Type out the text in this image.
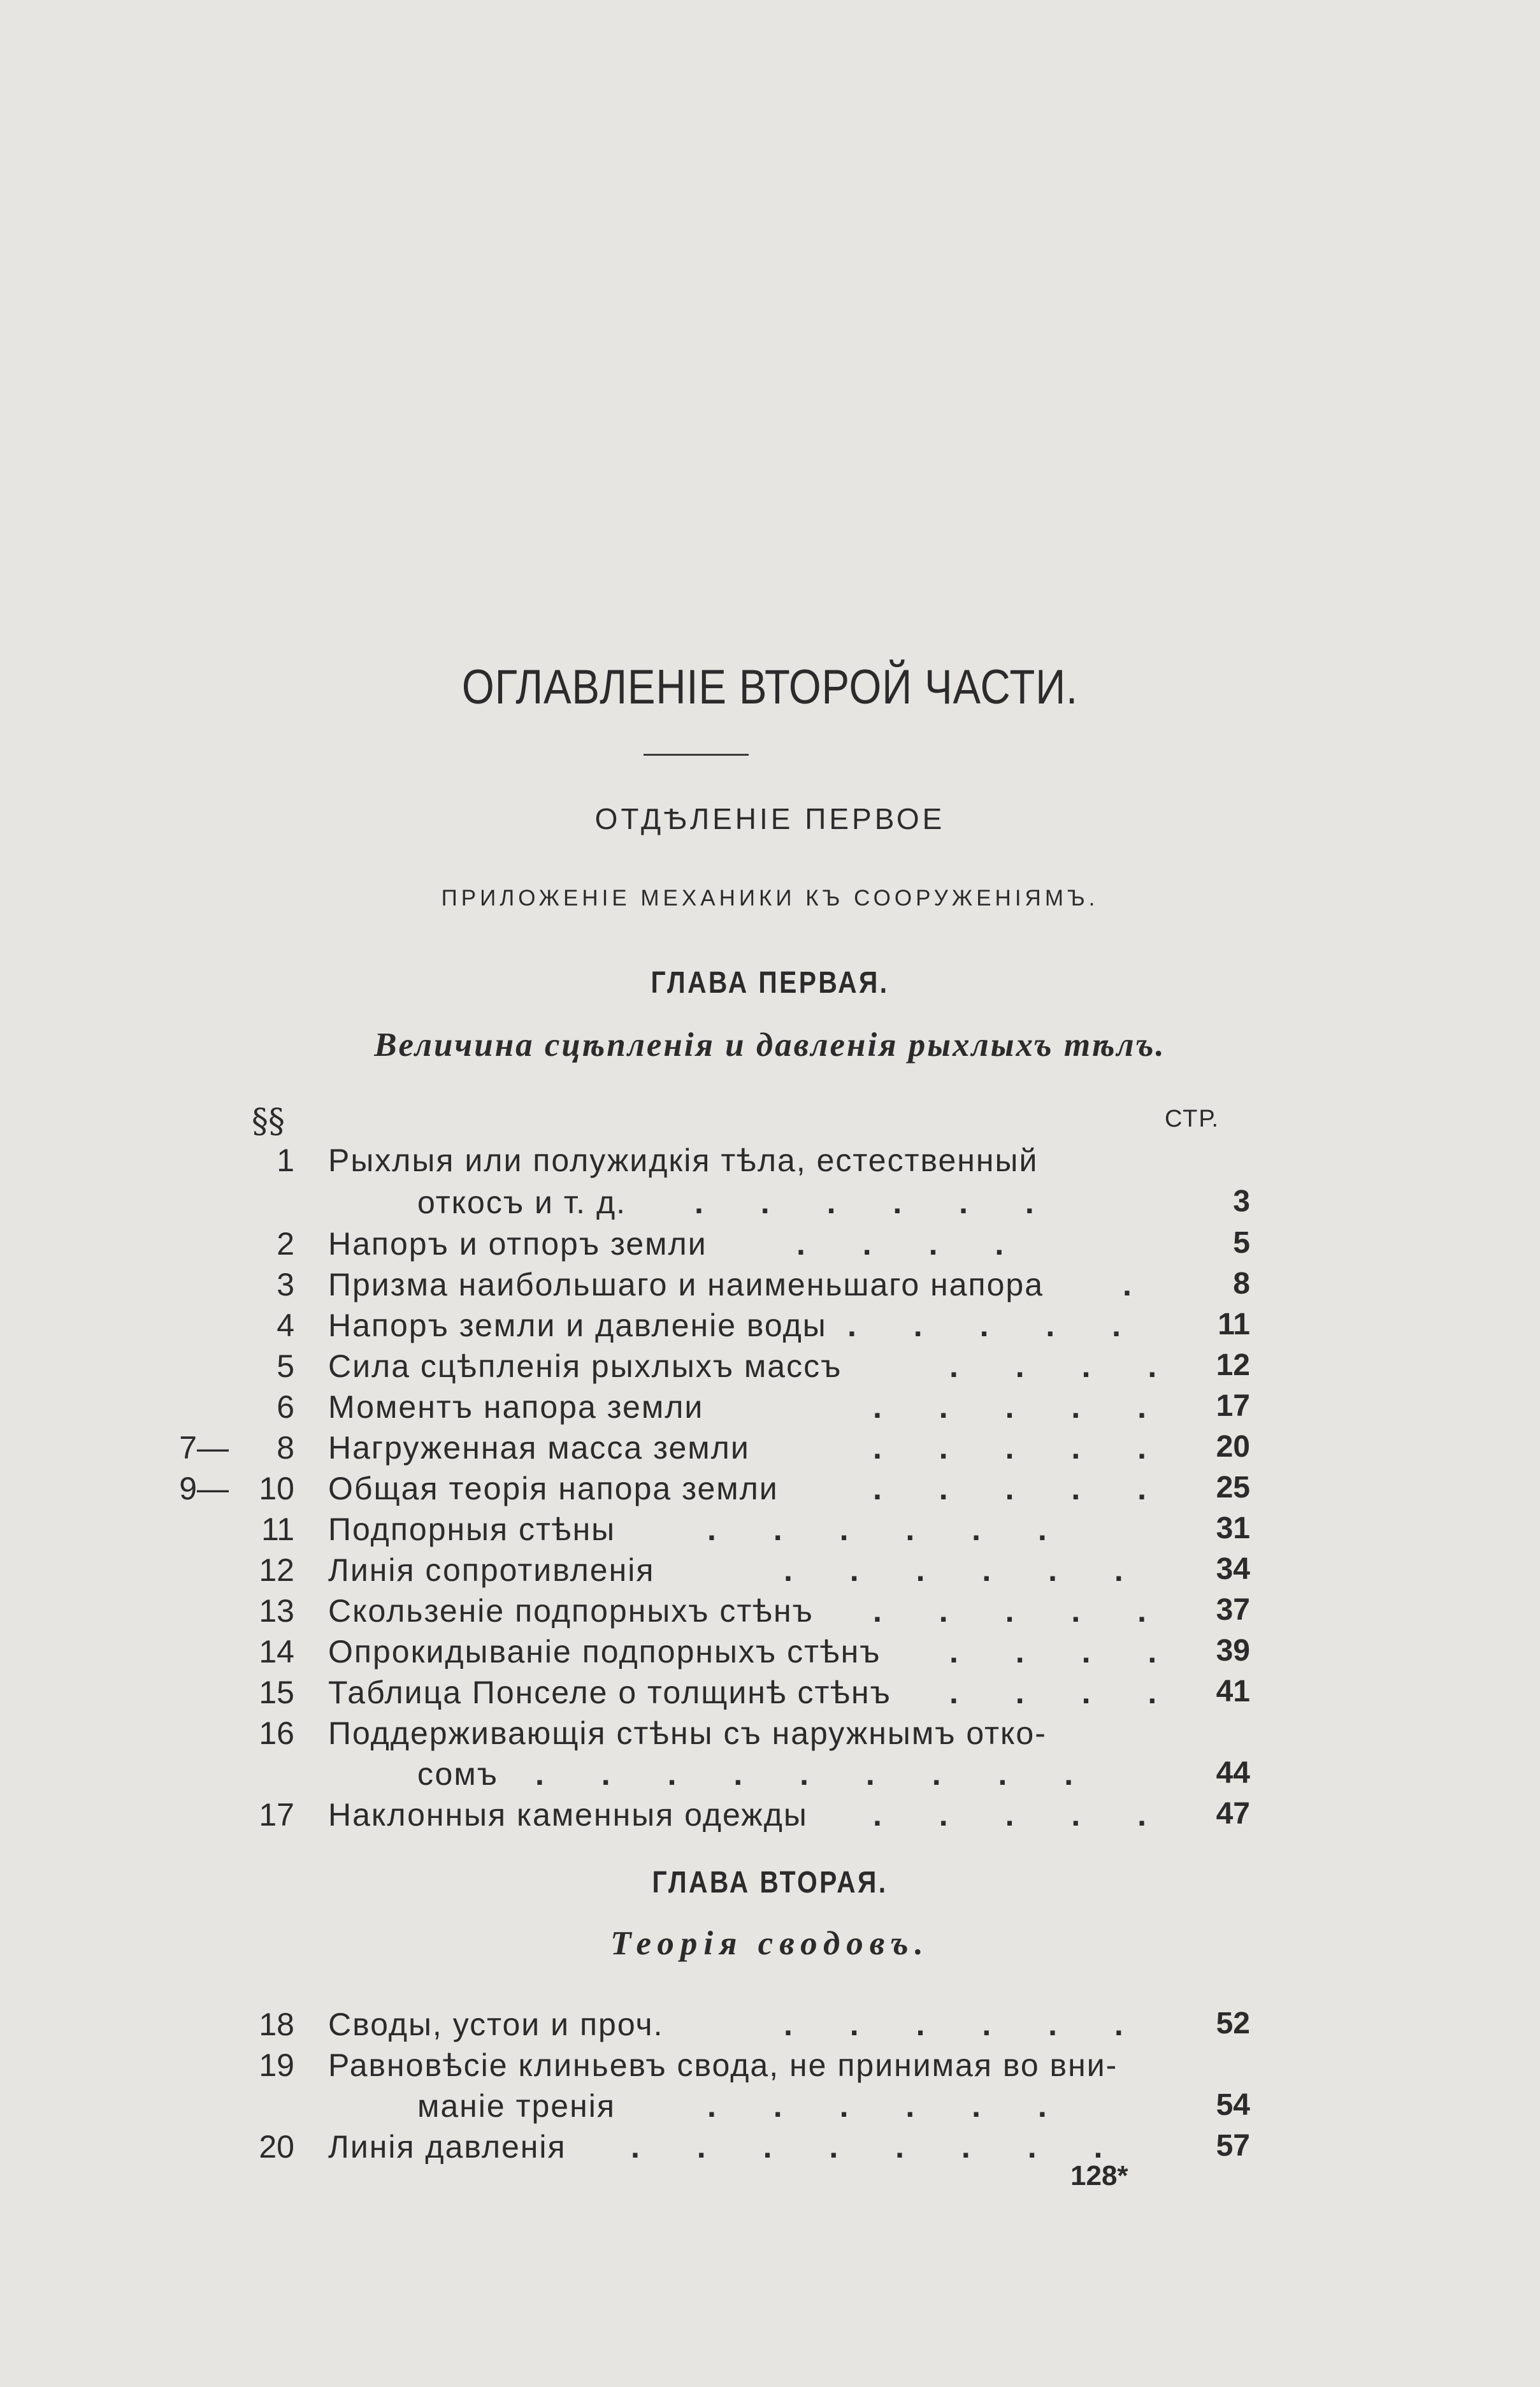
ОГЛАВЛЕНIЕ ВТОРОЙ ЧАСТИ.
ОТДѢЛЕНIЕ ПЕРВОЕ
ПРИЛОЖЕНIЕ МЕХАНИКИ КЪ СООРУЖЕНIЯМЪ.
ГЛАВА ПЕРВАЯ.
Величина сцѣпленiя и давленiя рыхлыхъ тѣлъ.
§§	СТР.
1 Рыхлыя или полужидкiя тѣла, естественный
откосъ и т. д. . . . . . .	3
2 Напоръ и отпоръ земли	. . . .	5
3 Призма наибольшаго и наименьшаго напора .	8
4 Напоръ земли и давленiе воды . . . . . 11
5 Сила сцѣпленiя рыхлыхъ массъ	. . . . 12
6 Моментъ напора земли	. . . . . 17
7— 8 Нагруженная масса земли	. . . . . 20
9— 10 Общая теорiя напора земли	. . . . . 25
11 Подпорныя стѣны	. . . . . .	31
12 Линiя сопротивленiя	. . . . . . 34
13 Скользенiе подпорныхъ стѣнъ . . . . . 37
14 Опрокидыванiе подпорныхъ стѣнъ . . . . 39
15 Таблица Понселе о толщинѣ стѣнъ . . . . 41
16 Поддерживающiя стѣны съ наружнымъ отко-
сомъ . . . . . . . . .	44
17 Наклонныя каменныя одежды . . . . . 47
ГЛАВА ВТОРАЯ.
Теорiя сводовъ.
18 Своды, устои и проч.	. . . . . . 52
19 Равновѣсiе клиньевъ свода, не принимая во вни-
манiе тренiя	. . . . . .	54
20 Линiя давленiя . . . . . . . .	57
128*
